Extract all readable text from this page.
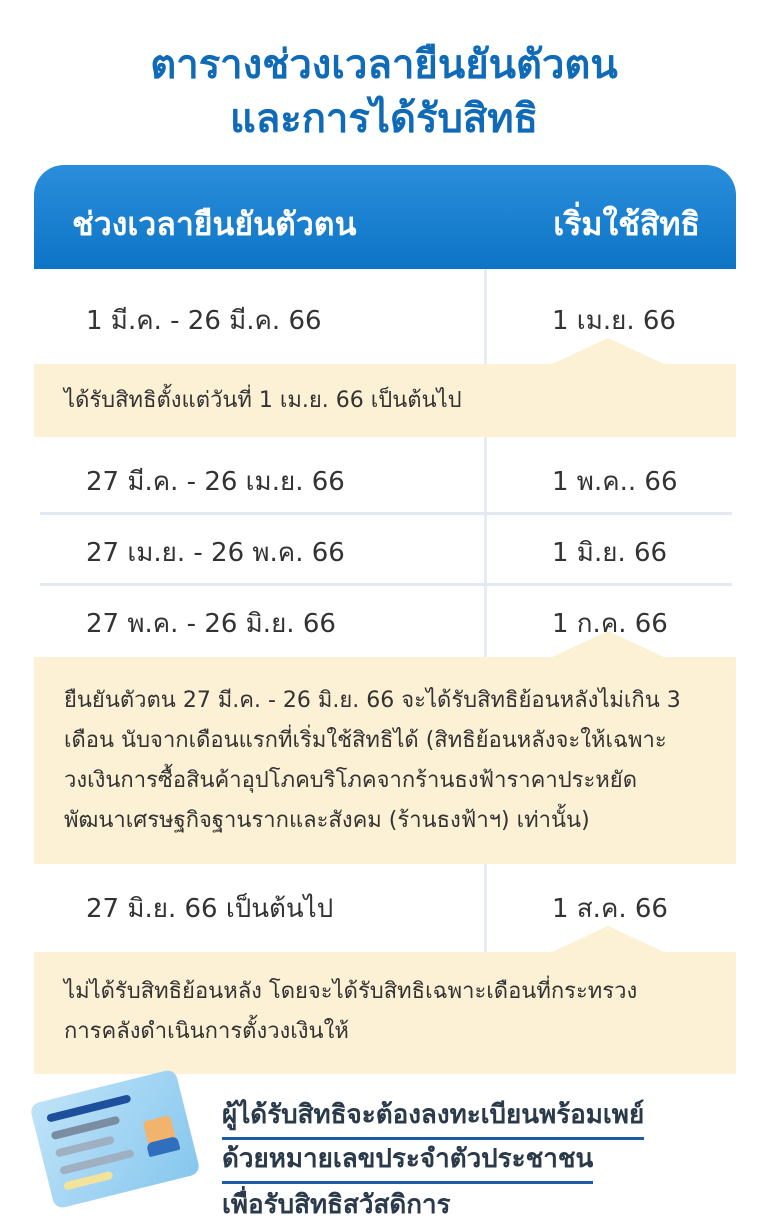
ตารางช่วงเวลายืนยันตัวตน
และการได้รับสิทธิ
ช่วงเวลายืนยันตัวตน	เริ่มใช้สิทธิ
1 มี.ค. - 26 มี.ค. 66	1 เม.ย. 66
ได้รับสิทธิตั้งแต่วันที่ 1 เม.ย. 66 เป็นต้นไป
27 มี.ค. - 26 เม.ย. 66	1 พ.ค.. 66
27 เม.ย. - 26 พ.ค. 66	1 มิ.ย. 66
27 พ.ค. - 26 มิ.ย. 66	1 ก.ค. 66
ยืนยันตัวตน 27 มี.ค. - 26 มิ.ย. 66 จะได้รับสิทธิย้อนหลังไม่เกิน 3
เดือน นับจากเดือนแรกที่เริ่มใช้สิทธิได้ (สิทธิย้อนหลังจะให้เฉพาะ
วงเงินการซื้อสินค้าอุปโภคบริโภคจากร้านธงฟ้าราคาประหยัด
พัฒนาเศรษฐกิจฐานรากและสังคม (ร้านธงฟ้าฯ) เท่านั้น)
27 มิ.ย. 66 เป็นต้นไป	1 ส.ค. 66
ไม่ได้รับสิทธิย้อนหลัง โดยจะได้รับสิทธิเฉพาะเดือนที่กระทรวง
การคลังดำเนินการตั้งวงเงินให้
ผู้ได้รับสิทธิจะต้องลงทะเบียนพร้อมเพย์
ด้วยหมายเลขประจำตัวประชาชน
เพื่อรับสิทธิสวัสดิการ
